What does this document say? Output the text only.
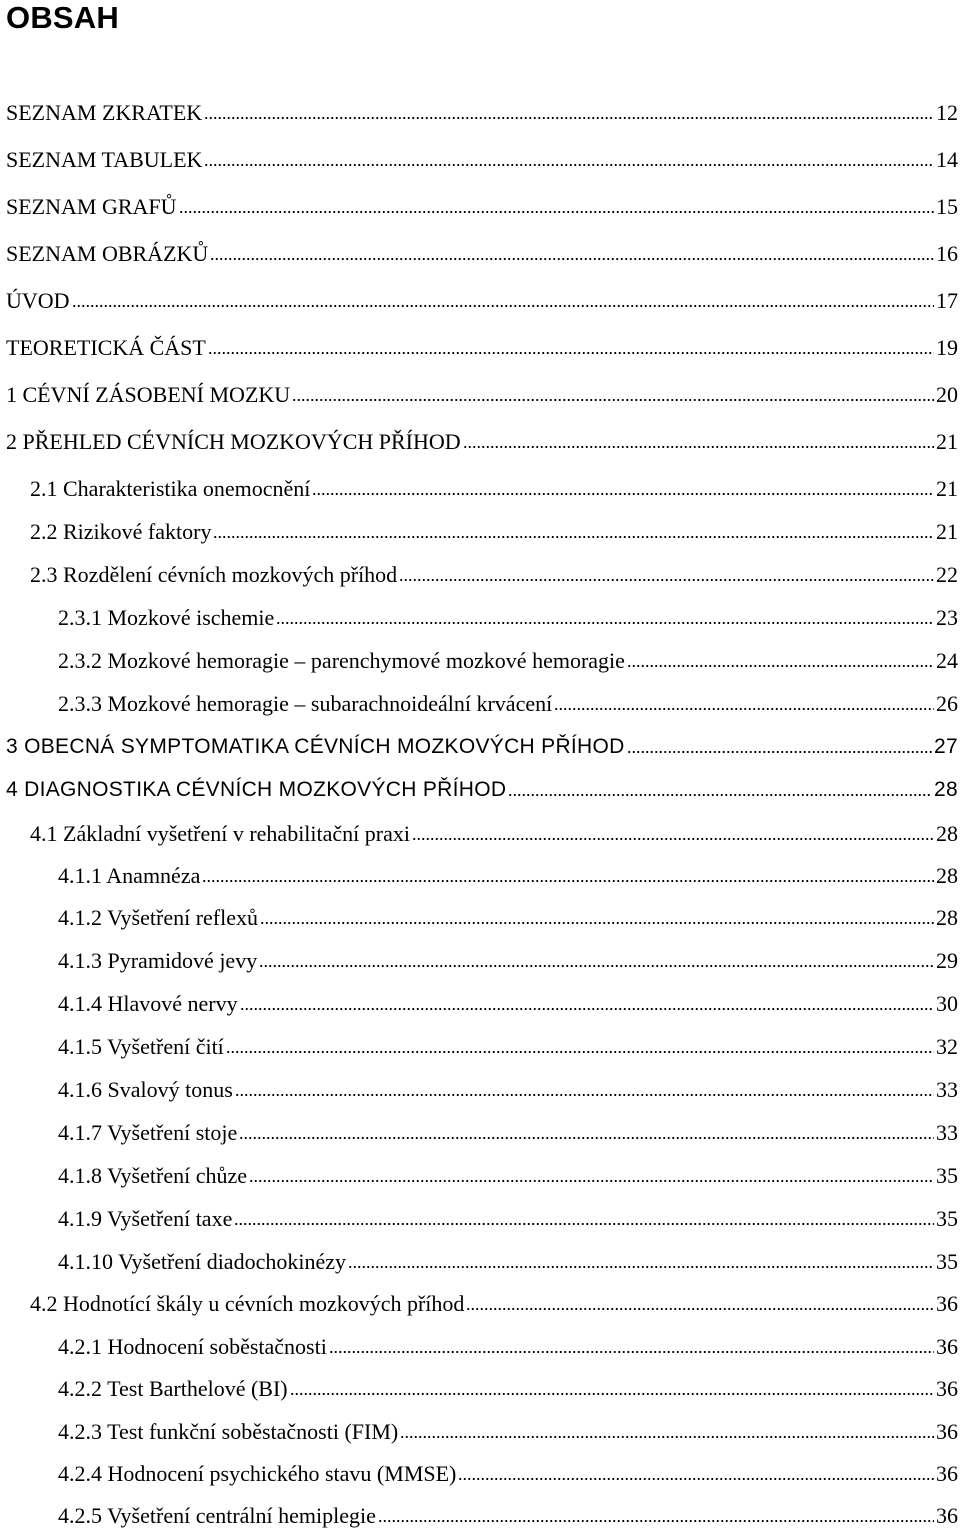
OBSAH
SEZNAM ZKRATEK	12
SEZNAM TABULEK	14
SEZNAM GRAFŮ	15
SEZNAM OBRÁZKŮ	16
ÚVOD	17
TEORETICKÁ ČÁST	19
1 CÉVNÍ ZÁSOBENÍ MOZKU	20
2 PŘEHLED CÉVNÍCH MOZKOVÝCH PŘÍHOD	21
2.1 Charakteristika onemocnění	21
2.2 Rizikové faktory	21
2.3 Rozdělení cévních mozkových příhod	22
2.3.1 Mozkové ischemie	23
2.3.2 Mozkové hemoragie – parenchymové mozkové hemoragie	24
2.3.3 Mozkové hemoragie – subarachnoideální krvácení	26
3 OBECNÁ SYMPTOMATIKA CÉVNÍCH MOZKOVÝCH PŘÍHOD	27
4 DIAGNOSTIKA CÉVNÍCH MOZKOVÝCH PŘÍHOD	28
4.1 Základní vyšetření v rehabilitační praxi	28
4.1.1 Anamnéza	28
4.1.2 Vyšetření reflexů	28
4.1.3 Pyramidové jevy	29
4.1.4 Hlavové nervy	30
4.1.5 Vyšetření čití	32
4.1.6 Svalový tonus	33
4.1.7 Vyšetření stoje	33
4.1.8 Vyšetření chůze	35
4.1.9 Vyšetření taxe	35
4.1.10 Vyšetření diadochokinézy	35
4.2 Hodnotící škály u cévních mozkových příhod	36
4.2.1 Hodnocení soběstačnosti	36
4.2.2 Test Barthelové (BI)	36
4.2.3 Test funkční soběstačnosti (FIM)	36
4.2.4 Hodnocení psychického stavu (MMSE)	36
4.2.5 Vyšetření centrální hemiplegie	36
